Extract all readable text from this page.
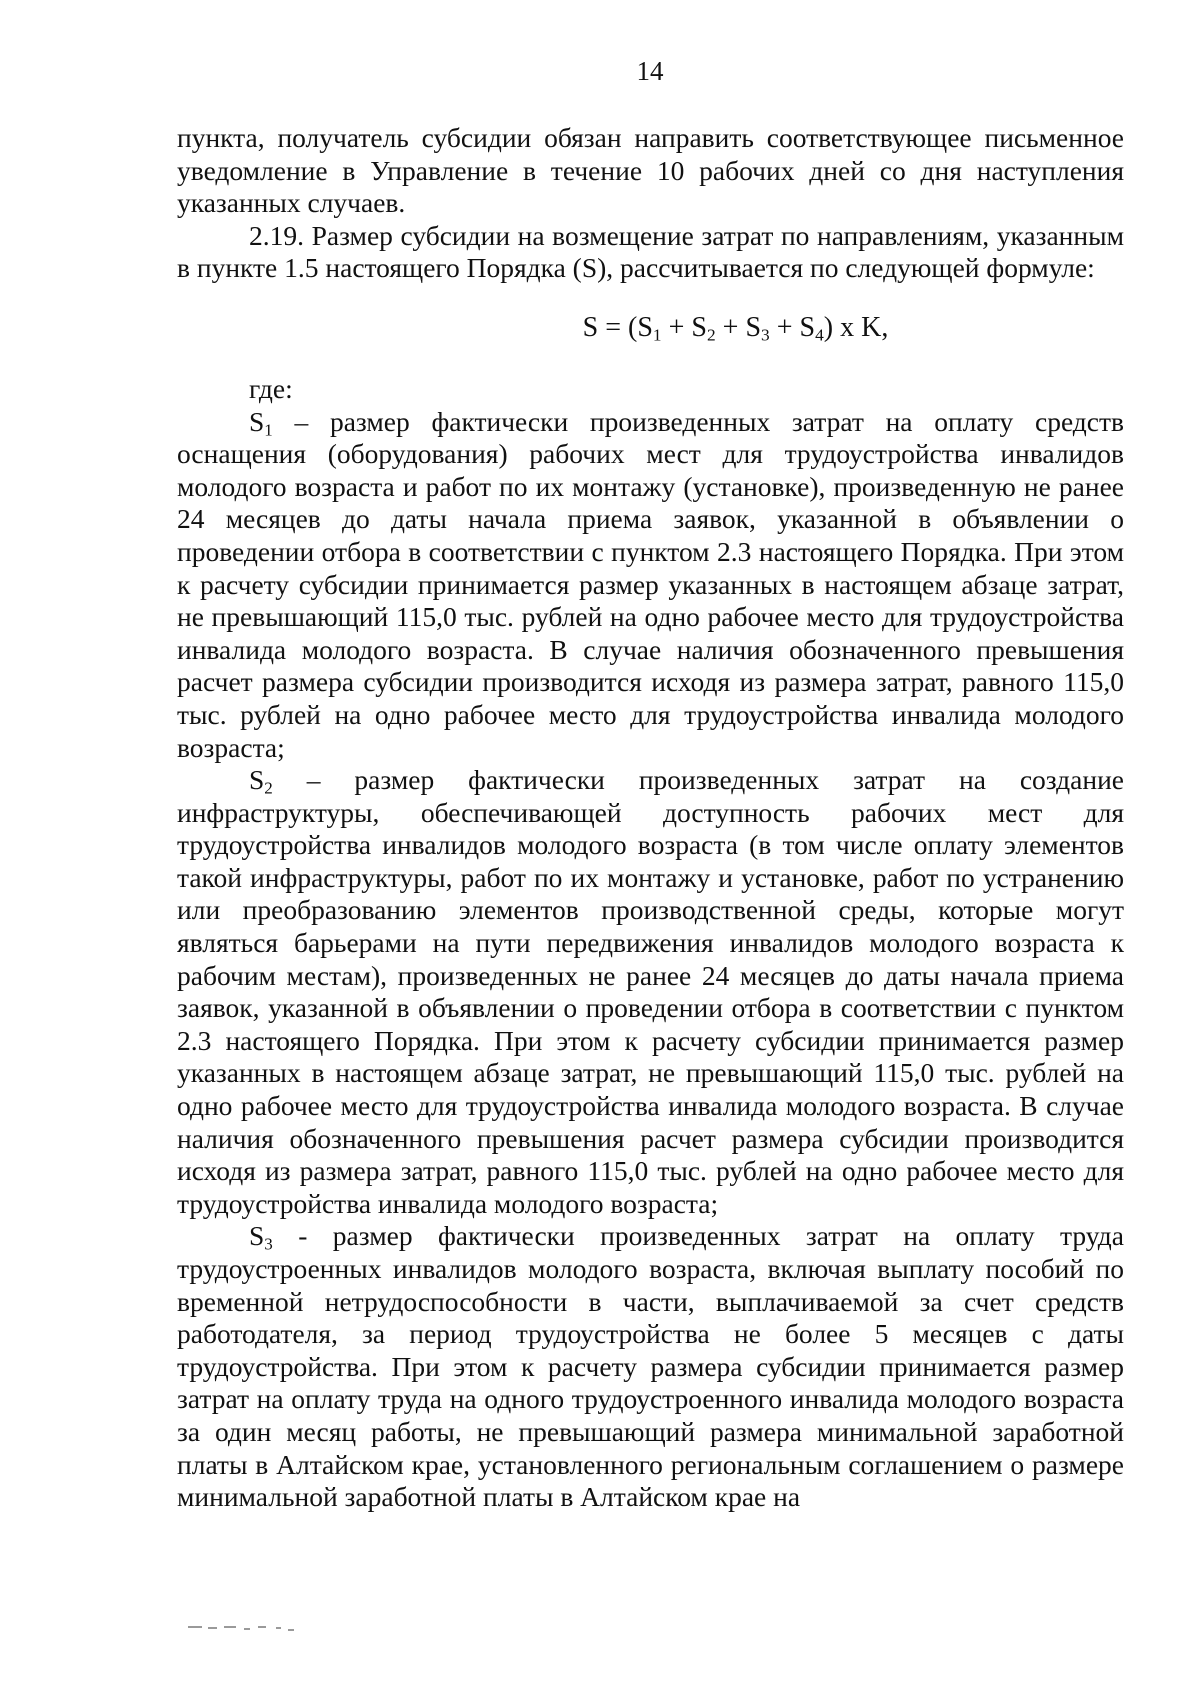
14

пункта, получатель субсидии обязан направить соответствующее письменное уведомление в Управление в течение 10 рабочих дней со дня наступления указанных случаев.

2.19. Размер субсидии на возмещение затрат по направлениям, указанным в пункте 1.5 настоящего Порядка (S), рассчитывается по следующей формуле:

$S = (S_1 + S_2 + S_3 + S_4)$ x K,

где:

$S_1$ – размер фактически произведенных затрат на оплату средств оснащения (оборудования) рабочих мест для трудоустройства инвалидов молодого возраста и работ по их монтажу (установке), произведенную не ранее 24 месяцев до даты начала приема заявок, указанной в объявлении о проведении отбора в соответствии с пунктом 2.3 настоящего Порядка. При этом к расчету субсидии принимается размер указанных в настоящем абзаце затрат, не превышающий 115,0 тыс. рублей на одно рабочее место для трудоустройства инвалида молодого возраста. В случае наличия обозначенного превышения расчет размера субсидии производится исходя из размера затрат, равного 115,0 тыс. рублей на одно рабочее место для трудоустройства инвалида молодого возраста;

$S_2$ – размер фактически произведенных затрат на создание инфраструктуры, обеспечивающей доступность рабочих мест для трудоустройства инвалидов молодого возраста (в том числе оплату элементов такой инфраструктуры, работ по их монтажу и установке, работ по устранению или преобразованию элементов производственной среды, которые могут являться барьерами на пути передвижения инвалидов молодого возраста к рабочим местам), произведенных не ранее 24 месяцев до даты начала приема заявок, указанной в объявлении о проведении отбора в соответствии с пунктом 2.3 настоящего Порядка. При этом к расчету субсидии принимается размер указанных в настоящем абзаце затрат, не превышающий 115,0 тыс. рублей на одно рабочее место для трудоустройства инвалида молодого возраста. В случае наличия обозначенного превышения расчет размера субсидии производится исходя из размера затрат, равного 115,0 тыс. рублей на одно рабочее место для трудоустройства инвалида молодого возраста;

$S_3$ - размер фактически произведенных затрат на оплату труда трудоустроенных инвалидов молодого возраста, включая выплату пособий по временной нетрудоспособности в части, выплачиваемой за счет средств работодателя, за период трудоустройства не более 5 месяцев с даты трудоустройства. При этом к расчету размера субсидии принимается размер затрат на оплату труда на одного трудоустроенного инвалида молодого возраста за один месяц работы, не превышающий размера минимальной заработной платы в Алтайском крае, установленного региональным соглашением о размере минимальной заработной платы в Алтайском крае на
